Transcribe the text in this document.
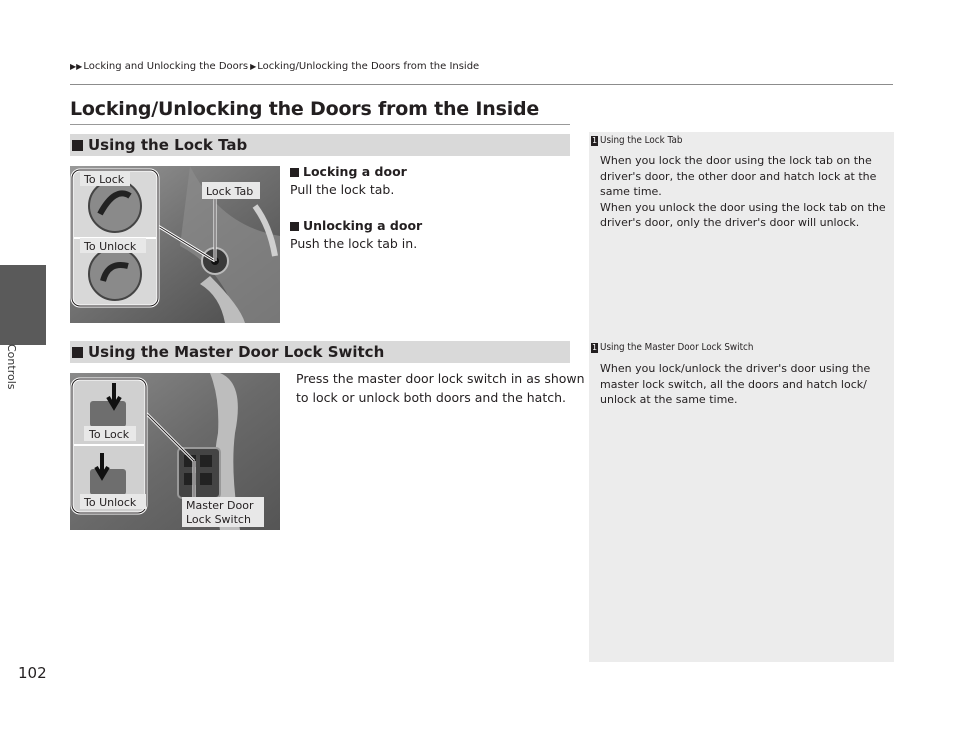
Controls
▶▶ Locking and Unlocking the Doors ▶ Locking/Unlocking the Doors from the Inside
Locking/Unlocking the Doors from the Inside
Using the Lock Tab
To Lock
To Unlock
Lock Tab
Locking a door
Pull the lock tab.
Unlocking a door
Push the lock tab in.
Using the Master Door Lock Switch
To Lock
To Unlock	Master Door
Lock Switch
Press the master door lock switch in as shown
to lock or unlock both doors and the hatch.
1 Using the Lock Tab
When you lock the door using the lock tab on the
driver's door, the other door and hatch lock at the
same time.
When you unlock the door using the lock tab on the
driver's door, only the driver's door will unlock.
1 Using the Master Door Lock Switch
When you lock/unlock the driver's door using the
master lock switch, all the doors and hatch lock/
unlock at the same time.
102
